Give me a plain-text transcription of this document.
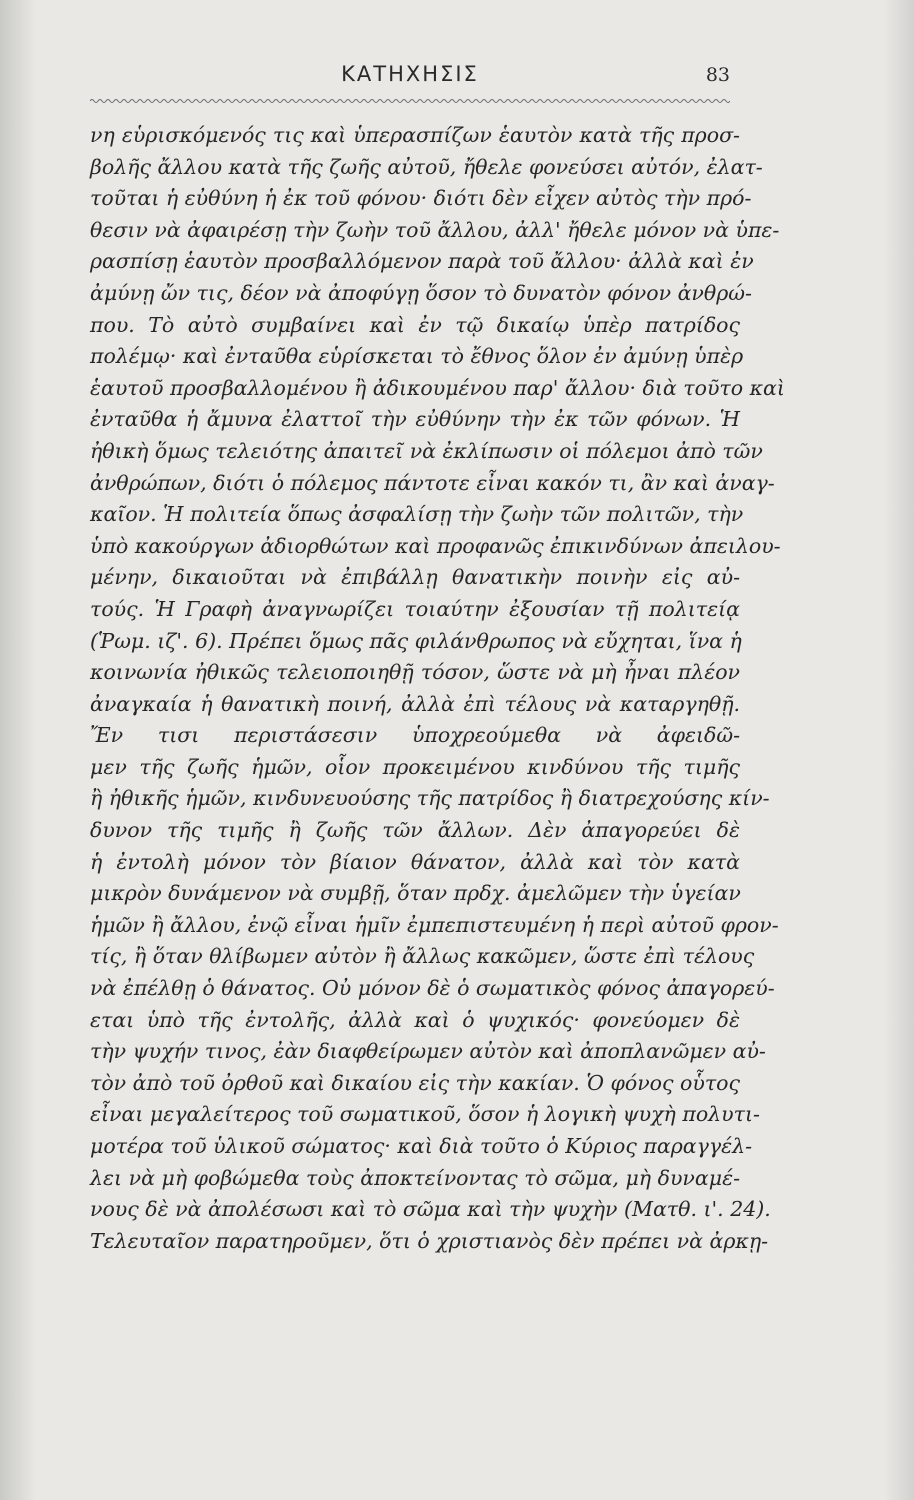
ΚΑΤΗΧΗΣΙΣ	83
νη εὑρισκόμενός τις καὶ ὑπερασπίζων ἑαυτὸν κατὰ τῆς προσ-
βολῆς ἄλλου κατὰ τῆς ζωῆς αὐτοῦ, ἤθελε φονεύσει αὐτόν, ἐλατ-
τοῦται ἡ εὐθύνη ἡ ἐκ τοῦ φόνου· διότι δὲν εἶχεν αὐτὸς τὴν πρό-
θεσιν νὰ ἀφαιρέσῃ τὴν ζωὴν τοῦ ἄλλου, ἀλλ' ἤθελε μόνον νὰ ὑπε-
ρασπίσῃ ἑαυτὸν προσβαλλόμενον παρὰ τοῦ ἄλλου· ἀλλὰ καὶ ἐν
ἀμύνῃ ὤν τις, δέον νὰ ἀποφύγῃ ὅσον τὸ δυνατὸν φόνον ἀνθρώ-
που. Τὸ αὐτὸ συμβαίνει καὶ ἐν τῷ δικαίῳ ὑπὲρ πατρίδος
πολέμῳ· καὶ ἐνταῦθα εὑρίσκεται τὸ ἔθνος ὅλον ἐν ἀμύνῃ ὑπὲρ
ἑαυτοῦ προσβαλλομένου ἢ ἀδικουμένου παρ' ἄλλου· διὰ τοῦτο καὶ
ἐνταῦθα ἡ ἄμυνα ἐλαττοῖ τὴν εὐθύνην τὴν ἐκ τῶν φόνων. Ἡ
ἠθικὴ ὅμως τελειότης ἀπαιτεῖ νὰ ἐκλίπωσιν οἱ πόλεμοι ἀπὸ τῶν
ἀνθρώπων, διότι ὁ πόλεμος πάντοτε εἶναι κακόν τι, ἂν καὶ ἀναγ-
καῖον. Ἡ πολιτεία ὅπως ἀσφαλίσῃ τὴν ζωὴν τῶν πολιτῶν, τὴν
ὑπὸ κακούργων ἀδιορθώτων καὶ προφανῶς ἐπικινδύνων ἀπειλου-
μένην, δικαιοῦται νὰ ἐπιβάλλῃ θανατικὴν ποινὴν εἰς αὐ-
τούς. Ἡ Γραφὴ ἀναγνωρίζει τοιαύτην ἐξουσίαν τῇ πολιτείᾳ
(Ῥωμ. ιζ'. 6). Πρέπει ὅμως πᾶς φιλάνθρωπος νὰ εὔχηται, ἵνα ἡ
κοινωνία ἠθικῶς τελειοποιηθῇ τόσον, ὥστε νὰ μὴ ἦναι πλέον
ἀναγκαία ἡ θανατικὴ ποινή, ἀλλὰ ἐπὶ τέλους νὰ καταργηθῇ.
Ἔν τισι περιστάσεσιν ὑποχρεούμεθα νὰ ἀφειδῶ-
μεν τῆς ζωῆς ἡμῶν, οἷον προκειμένου κινδύνου τῆς τιμῆς
ἢ ἠθικῆς ἡμῶν, κινδυνευούσης τῆς πατρίδος ἢ διατρεχούσης κίν-
δυνον τῆς τιμῆς ἢ ζωῆς τῶν ἄλλων. Δὲν ἀπαγορεύει δὲ
ἡ ἐντολὴ μόνον τὸν βίαιον θάνατον, ἀλλὰ καὶ τὸν κατὰ
μικρὸν δυνάμενον νὰ συμβῇ, ὅταν πρδχ. ἀμελῶμεν τὴν ὑγείαν
ἡμῶν ἢ ἄλλου, ἐνῷ εἶναι ἡμῖν ἐμπεπιστευμένη ἡ περὶ αὐτοῦ φρον-
τίς, ἢ ὅταν θλίβωμεν αὐτὸν ἢ ἄλλως κακῶμεν, ὥστε ἐπὶ τέλους
νὰ ἐπέλθῃ ὁ θάνατος. Οὐ μόνον δὲ ὁ σωματικὸς φόνος ἀπαγορεύ-
εται ὑπὸ τῆς ἐντολῆς, ἀλλὰ καὶ ὁ ψυχικός· φονεύομεν δὲ
τὴν ψυχήν τινος, ἐὰν διαφθείρωμεν αὐτὸν καὶ ἀποπλανῶμεν αὐ-
τὸν ἀπὸ τοῦ ὀρθοῦ καὶ δικαίου εἰς τὴν κακίαν. Ὁ φόνος οὗτος
εἶναι μεγαλείτερος τοῦ σωματικοῦ, ὅσον ἡ λογικὴ ψυχὴ πολυτι-
μοτέρα τοῦ ὑλικοῦ σώματος· καὶ διὰ τοῦτο ὁ Κύριος παραγγέλ-
λει νὰ μὴ φοβώμεθα τοὺς ἀποκτείνοντας τὸ σῶμα, μὴ δυναμέ-
νους δὲ νὰ ἀπολέσωσι καὶ τὸ σῶμα καὶ τὴν ψυχὴν (Ματθ. ι'. 24).
Τελευταῖον παρατηροῦμεν, ὅτι ὁ χριστιανὸς δὲν πρέπει νὰ ἀρκῃ-
